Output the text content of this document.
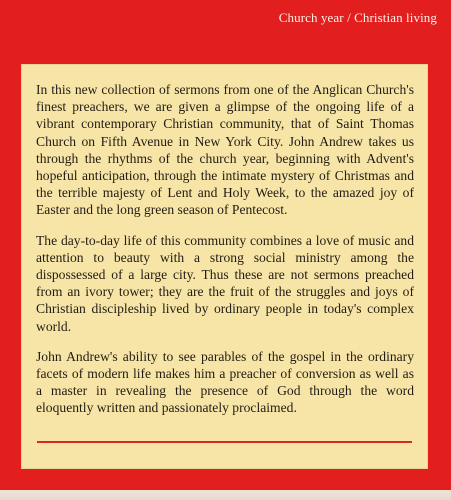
Church year / Christian living

In this new collection of sermons from one of the Anglican Church's finest preachers, we are given a glimpse of the ongoing life of a vibrant contemporary Christian community, that of Saint Thomas Church on Fifth Avenue in New York City. John Andrew takes us through the rhythms of the church year, beginning with Advent's hopeful anticipation, through the intimate mystery of Christmas and the terrible majesty of Lent and Holy Week, to the amazed joy of Easter and the long green season of Pentecost.

The day-to-day life of this community combines a love of music and attention to beauty with a strong social ministry among the dispossessed of a large city. Thus these are not sermons preached from an ivory tower; they are the fruit of the struggles and joys of Christian discipleship lived by ordinary people in today's complex world.

John Andrew's ability to see parables of the gospel in the ordinary facets of modern life makes him a preacher of conversion as well as a master in revealing the presence of God through the word eloquently written and passionately proclaimed.
